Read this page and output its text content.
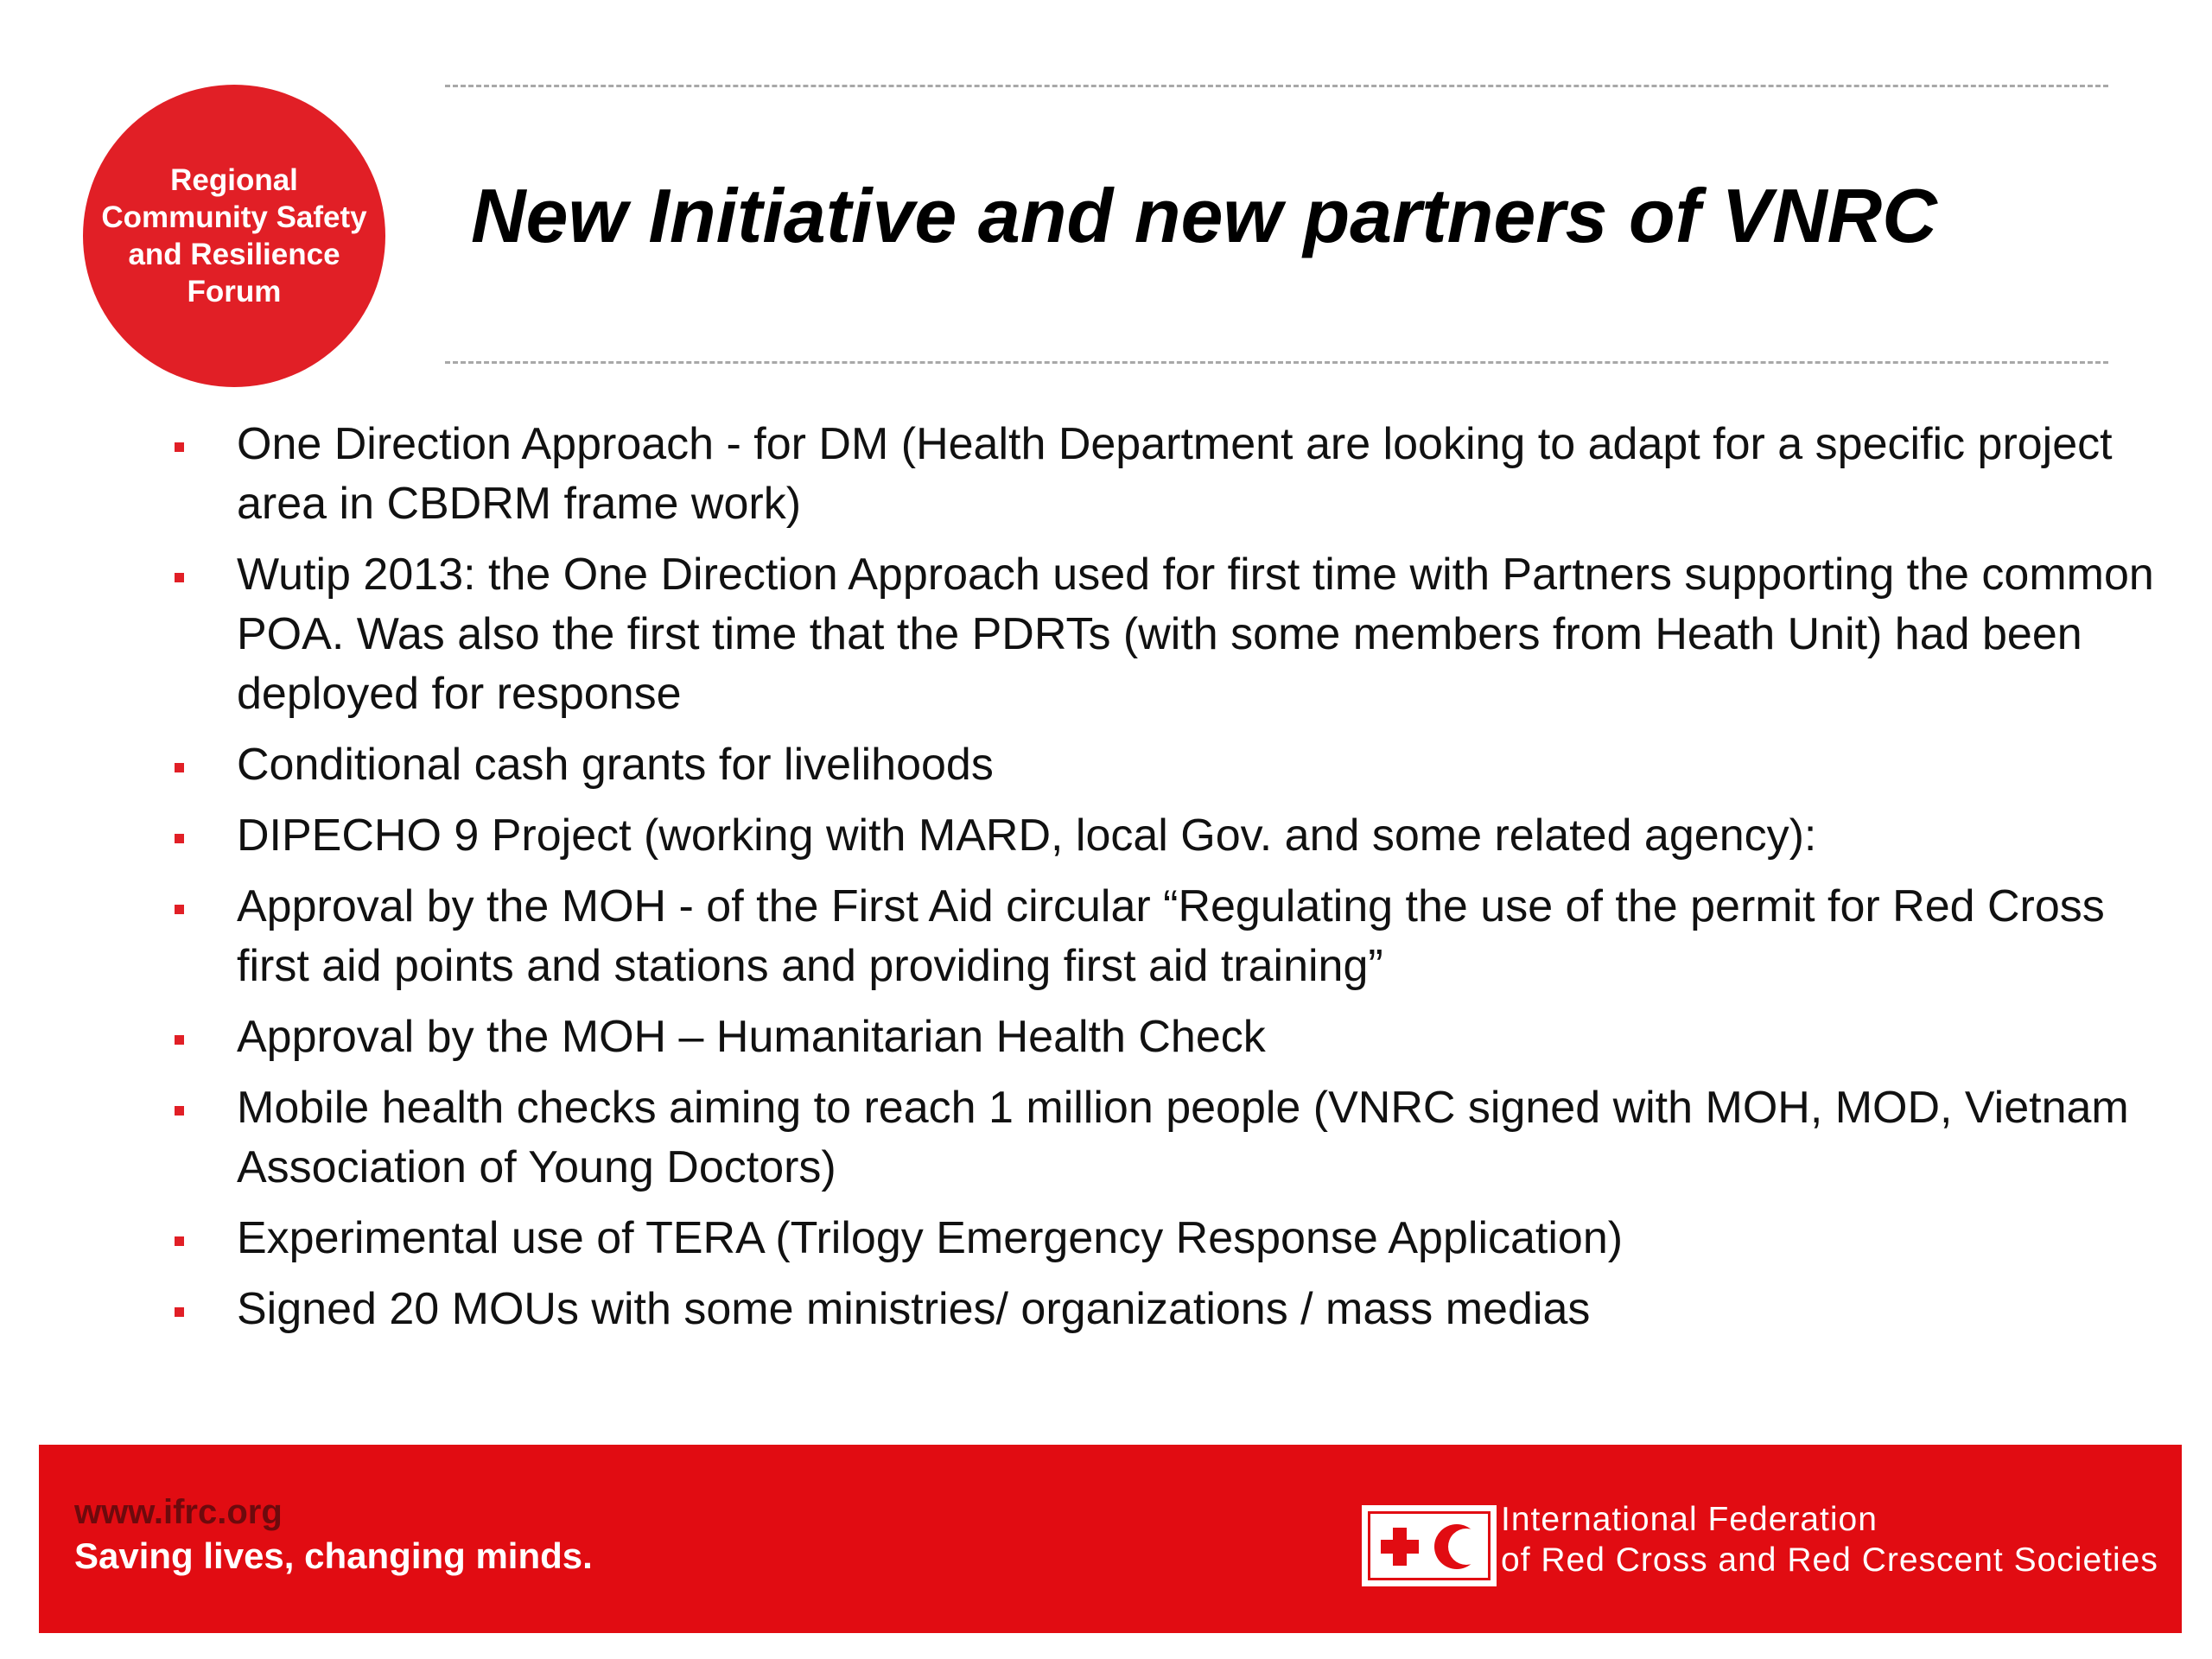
Regional
Community Safety
and Resilience
Forum
New Initiative and new partners of VNRC
One Direction Approach - for DM (Health Department are looking to adapt for a specific project area in CBDRM frame work)
Wutip 2013: the One Direction Approach used for first time with Partners supporting the common POA. Was also the first time that the PDRTs (with some members from Heath Unit) had been deployed for response
Conditional cash grants for livelihoods
DIPECHO 9 Project (working with MARD, local Gov. and some related agency):
Approval by the MOH - of the First Aid circular “Regulating the use of the permit for Red Cross first aid points and stations and providing first aid training”
Approval by the MOH – Humanitarian Health Check
Mobile health checks aiming to reach 1 million people (VNRC signed with MOH, MOD, Vietnam Association of Young Doctors)
Experimental use of TERA (Trilogy Emergency Response Application)
Signed 20 MOUs with some ministries/ organizations / mass medias
www.ifrc.org
Saving lives, changing minds.
International Federation
of Red Cross and Red Crescent Societies
